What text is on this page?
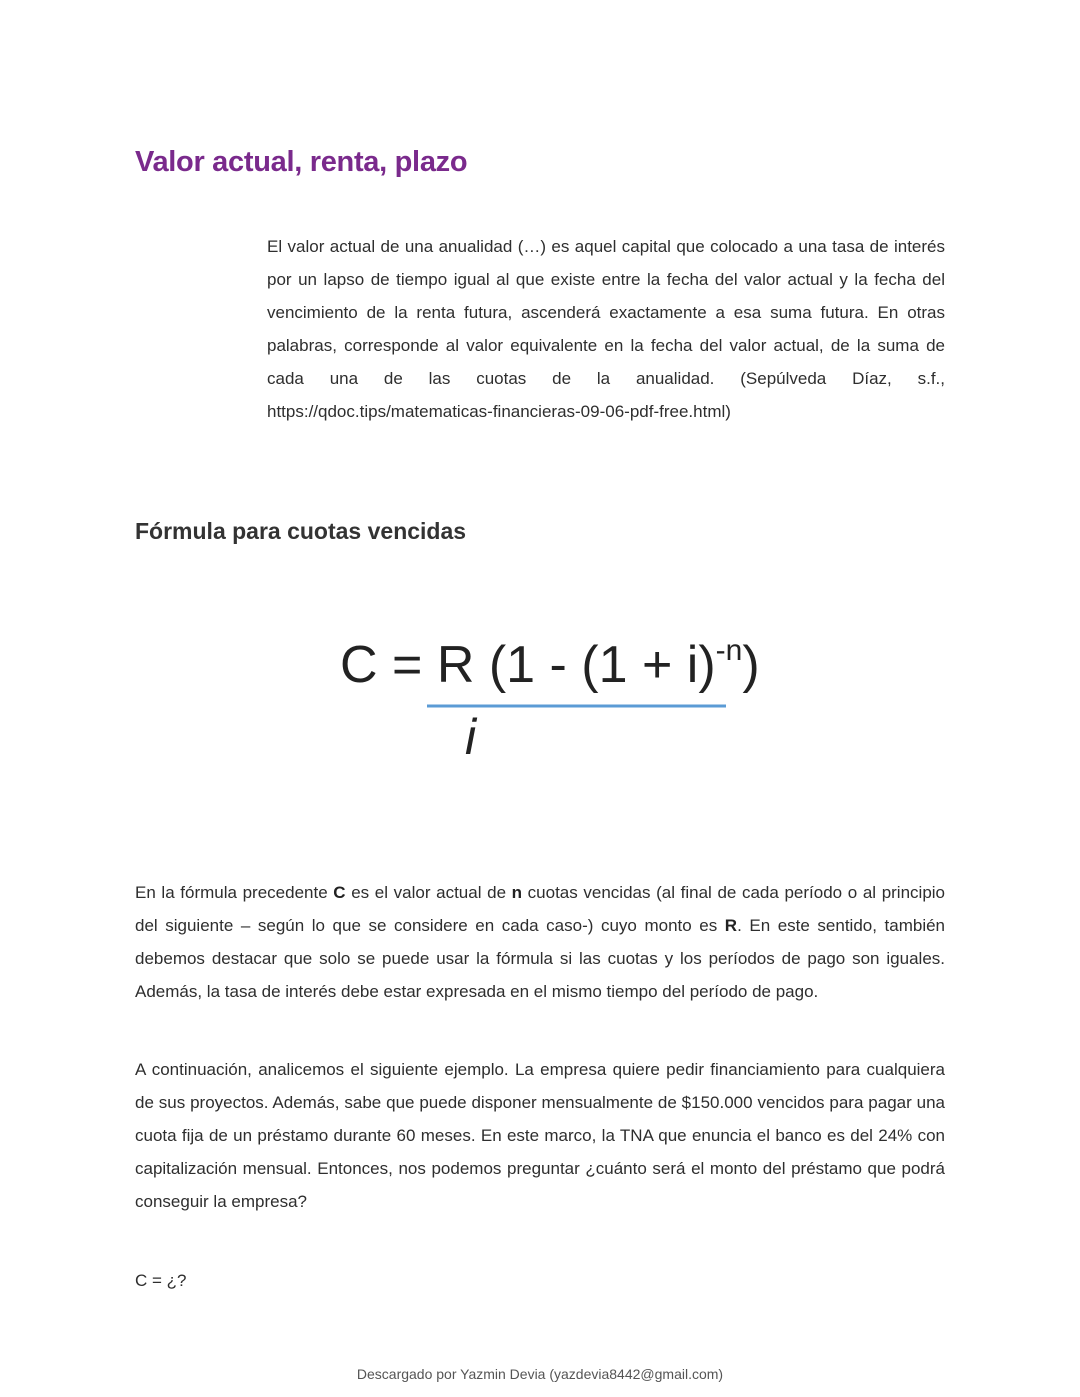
Valor actual, renta, plazo

El valor actual de una anualidad (…) es aquel capital que colocado a una tasa de interés por un lapso de tiempo igual al que existe entre la fecha del valor actual y la fecha del vencimiento de la renta futura, ascenderá exactamente a esa suma futura. En otras palabras, corresponde al valor equivalente en la fecha del valor actual, de la suma de cada una de las cuotas de la anualidad. (Sepúlveda Díaz, s.f., https://qdoc.tips/matematicas-financieras-09-06-pdf-free.html)

Fórmula para cuotas vencidas
C = R $(1 - (1 + i)^{-n})$
i

En la fórmula precedente C es el valor actual de n cuotas vencidas (al final de cada período o al principio del siguiente – según lo que se considere en cada caso-) cuyo monto es R. En este sentido, también debemos destacar que solo se puede usar la fórmula si las cuotas y los períodos de pago son iguales. Además, la tasa de interés debe estar expresada en el mismo tiempo del período de pago.

A continuación, analicemos el siguiente ejemplo. La empresa quiere pedir financiamiento para cualquiera de sus proyectos. Además, sabe que puede disponer mensualmente de $150.000 vencidos para pagar una cuota fija de un préstamo durante 60 meses. En este marco, la TNA que enuncia el banco es del 24% con capitalización mensual. Entonces, nos podemos preguntar ¿cuánto será el monto del préstamo que podrá conseguir la empresa?

C = ¿?

Descargado por Yazmin Devia (yazdevia8442@gmail.com)
